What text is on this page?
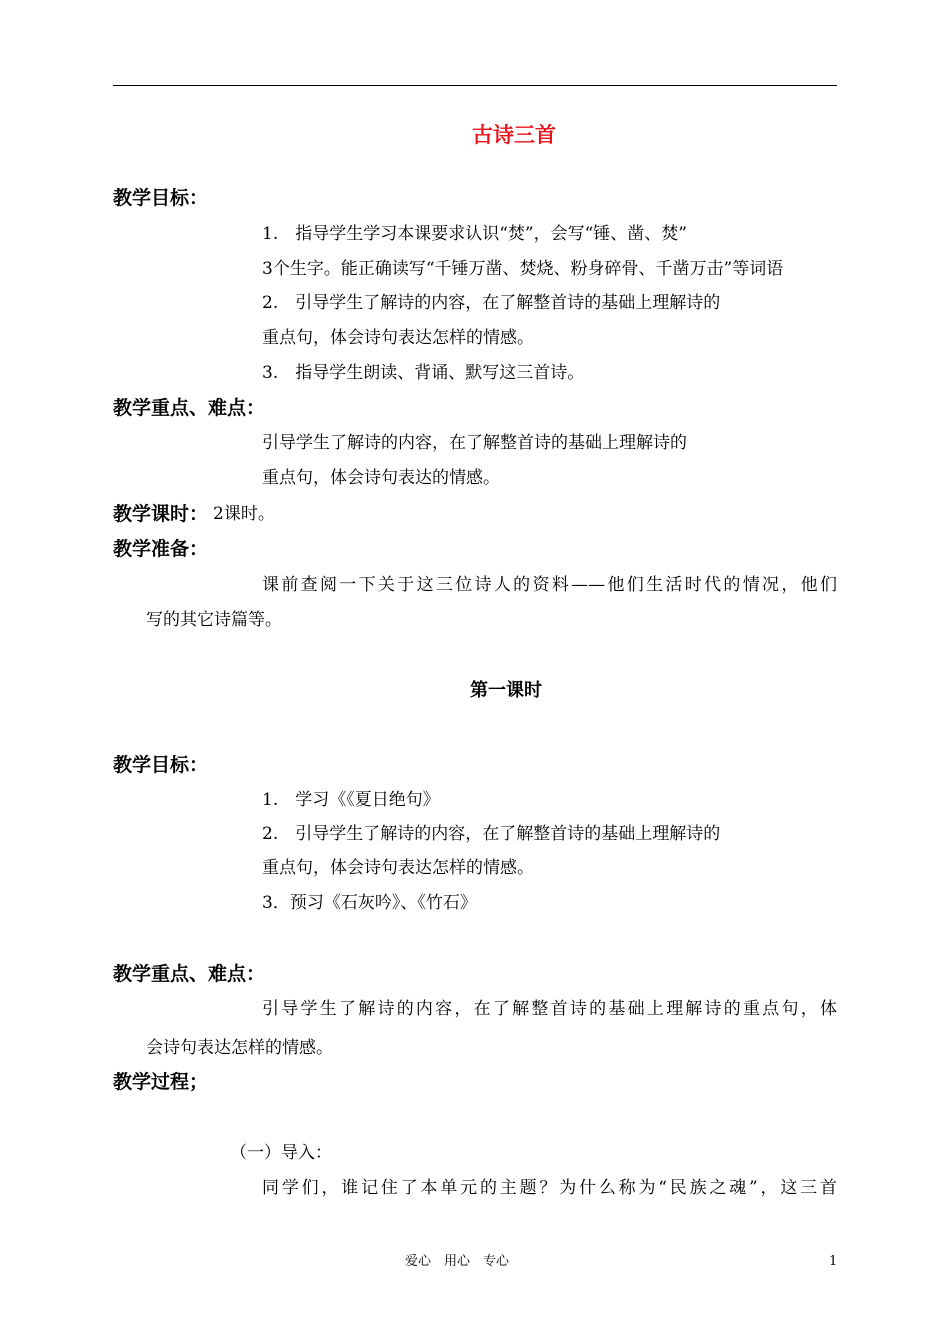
古诗三首
教学目标：
1.　指导学生学习本课要求认识“焚”，会写“锤、凿、焚”
3个生字。能正确读写“千锤万凿、焚烧、粉身碎骨、千凿万击”等词语
2.　引导学生了解诗的内容，在了解整首诗的基础上理解诗的
重点句，体会诗句表达怎样的情感。
3.　指导学生朗读、背诵、默写这三首诗。
教学重点、难点：
引导学生了解诗的内容，在了解整首诗的基础上理解诗的
重点句，体会诗句表达的情感。
教学课时： 2课时。
教学准备：
课前查阅一下关于这三位诗人的资料——他们生活时代的情况，他们
写的其它诗篇等。
第一课时
教学目标：
1.　学习《《夏日绝句》
2.　引导学生了解诗的内容，在了解整首诗的基础上理解诗的
重点句，体会诗句表达怎样的情感。
3．预习《石灰吟》、《竹石》
教学重点、难点：
引导学生了解诗的内容，在了解整首诗的基础上理解诗的重点句，体
会诗句表达怎样的情感。
教学过程；
（一）导入：
同学们，谁记住了本单元的主题？为什么称为“民族之魂”，这三首
爱心　用心　专心	1
